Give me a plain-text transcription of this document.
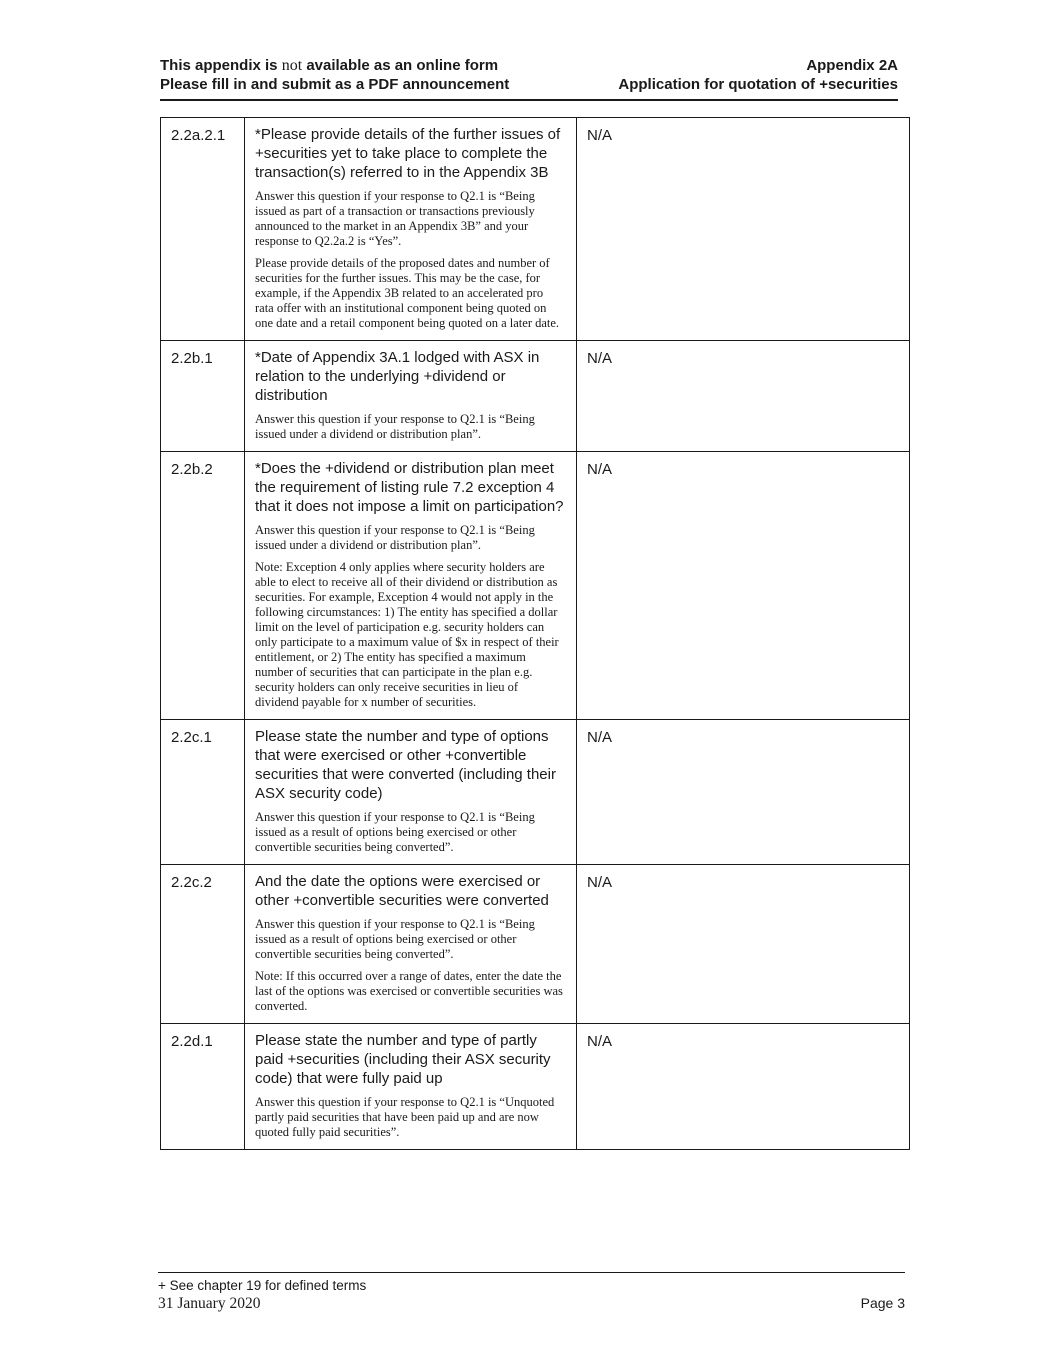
This appendix is not available as an online form
Please fill in and submit as a PDF announcement
Appendix 2A
Application for quotation of +securities
2.2a.2.1	*Please provide details of the further issues of +securities yet to take place to complete the transaction(s) referred to in the Appendix 3B

Answer this question if your response to Q2.1 is “Being issued as part of a transaction or transactions previously announced to the market in an Appendix 3B” and your response to Q2.2a.2 is “Yes”.

Please provide details of the proposed dates and number of securities for the further issues. This may be the case, for example, if the Appendix 3B related to an accelerated pro rata offer with an institutional component being quoted on one date and a retail component being quoted on a later date.	N/A
2.2b.1	*Date of Appendix 3A.1 lodged with ASX in relation to the underlying +dividend or distribution

Answer this question if your response to Q2.1 is “Being issued under a dividend or distribution plan”.	N/A
2.2b.2	*Does the +dividend or distribution plan meet the requirement of listing rule 7.2 exception 4 that it does not impose a limit on participation?

Answer this question if your response to Q2.1 is “Being issued under a dividend or distribution plan”.

Note: Exception 4 only applies where security holders are able to elect to receive all of their dividend or distribution as securities. For example, Exception 4 would not apply in the following circumstances: 1) The entity has specified a dollar limit on the level of participation e.g. security holders can only participate to a maximum value of $x in respect of their entitlement, or 2) The entity has specified a maximum number of securities that can participate in the plan e.g. security holders can only receive securities in lieu of dividend payable for x number of securities.	N/A
2.2c.1	Please state the number and type of options that were exercised or other +convertible securities that were converted (including their ASX security code)

Answer this question if your response to Q2.1 is “Being issued as a result of options being exercised or other convertible securities being converted”.	N/A
2.2c.2	And the date the options were exercised or other +convertible securities were converted

Answer this question if your response to Q2.1 is “Being issued as a result of options being exercised or other convertible securities being converted”.

Note: If this occurred over a range of dates, enter the date the last of the options was exercised or convertible securities was converted.	N/A
2.2d.1	Please state the number and type of partly paid +securities (including their ASX security code) that were fully paid up

Answer this question if your response to Q2.1 is “Unquoted partly paid securities that have been paid up and are now quoted fully paid securities”.	N/A
+ See chapter 19 for defined terms
31 January 2020	Page 3
